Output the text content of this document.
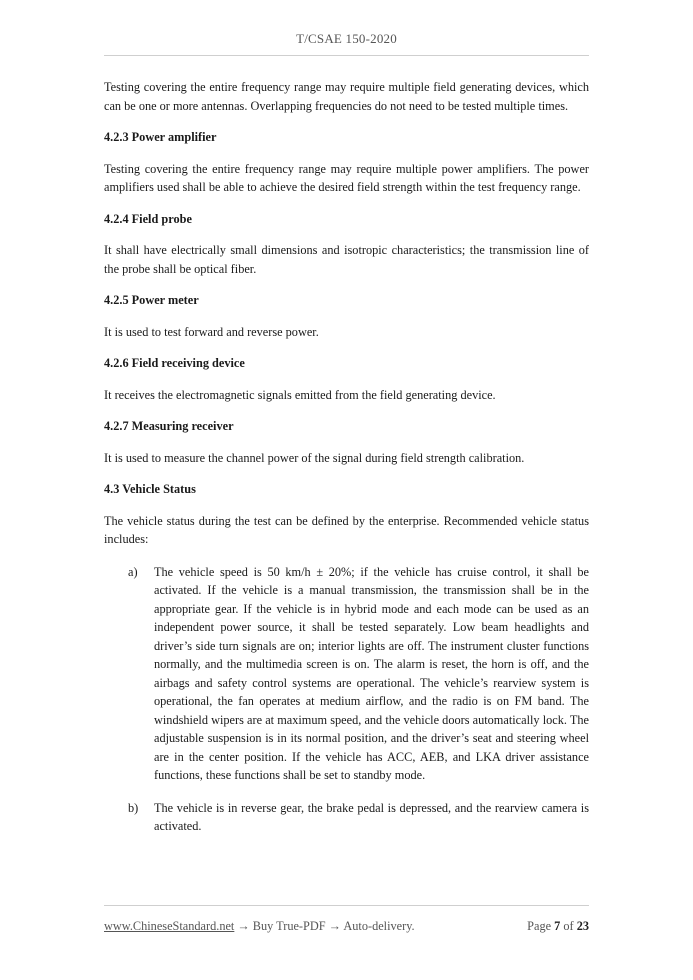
T/CSAE 150-2020

Testing covering the entire frequency range may require multiple field generating devices, which can be one or more antennas. Overlapping frequencies do not need to be tested multiple times.

4.2.3 Power amplifier

Testing covering the entire frequency range may require multiple power amplifiers. The power amplifiers used shall be able to achieve the desired field strength within the test frequency range.

4.2.4 Field probe

It shall have electrically small dimensions and isotropic characteristics; the transmission line of the probe shall be optical fiber.

4.2.5 Power meter

It is used to test forward and reverse power.

4.2.6 Field receiving device

It receives the electromagnetic signals emitted from the field generating device.

4.2.7 Measuring receiver

It is used to measure the channel power of the signal during field strength calibration.

4.3 Vehicle Status

The vehicle status during the test can be defined by the enterprise. Recommended vehicle status includes:

a)	The vehicle speed is 50 km/h ± 20%; if the vehicle has cruise control, it shall be activated. If the vehicle is a manual transmission, the transmission shall be in the appropriate gear. If the vehicle is in hybrid mode and each mode can be used as an independent power source, it shall be tested separately. Low beam headlights and driver’s side turn signals are on; interior lights are off. The instrument cluster functions normally, and the multimedia screen is on. The alarm is reset, the horn is off, and the airbags and safety control systems are operational. The vehicle’s rearview system is operational, the fan operates at medium airflow, and the radio is on FM band. The windshield wipers are at maximum speed, and the vehicle doors automatically lock. The adjustable suspension is in its normal position, and the driver’s seat and steering wheel are in the center position. If the vehicle has ACC, AEB, and LKA driver assistance functions, these functions shall be set to standby mode.
b)	The vehicle is in reverse gear, the brake pedal is depressed, and the rearview camera is activated.
www.ChineseStandard.net → Buy True-PDF → Auto-delivery.	Page 7 of 23
